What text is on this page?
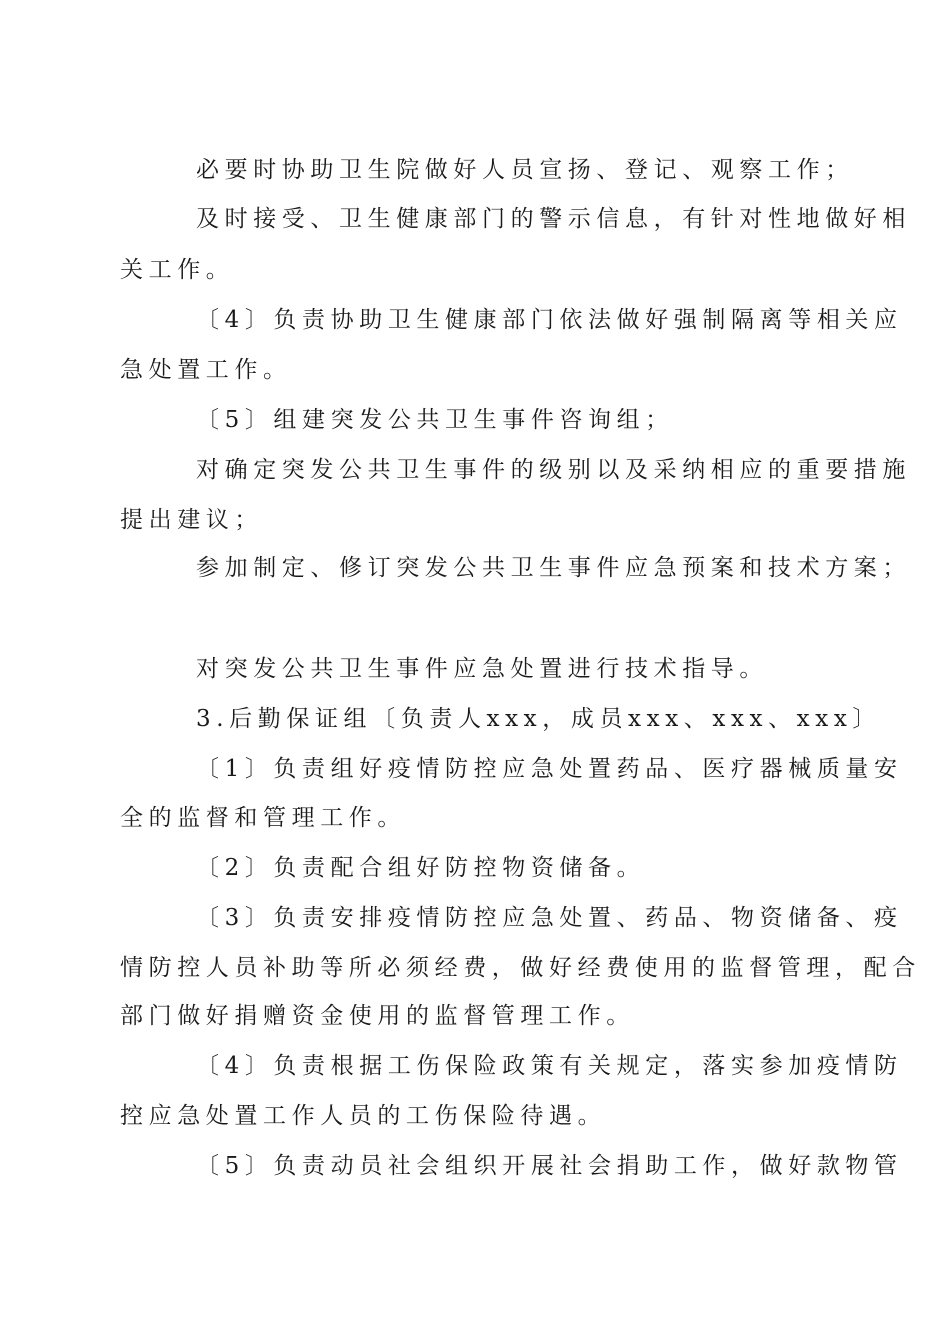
必要时协助卫生院做好人员宣扬、登记、观察工作；
及时接受、卫生健康部门的警示信息，有针对性地做好相
关工作。
〔4〕负责协助卫生健康部门依法做好强制隔离等相关应
急处置工作。
〔5〕组建突发公共卫生事件咨询组；
对确定突发公共卫生事件的级别以及采纳相应的重要措施
提出建议；
参加制定、修订突发公共卫生事件应急预案和技术方案；
对突发公共卫生事件应急处置进行技术指导。
3.后勤保证组〔负责人xxx，成员xxx、xxx、xxx〕
〔1〕负责组好疫情防控应急处置药品、医疗器械质量安
全的监督和管理工作。
〔2〕负责配合组好防控物资储备。
〔3〕负责安排疫情防控应急处置、药品、物资储备、疫
情防控人员补助等所必须经费，做好经费使用的监督管理，配合
部门做好捐赠资金使用的监督管理工作。
〔4〕负责根据工伤保险政策有关规定，落实参加疫情防
控应急处置工作人员的工伤保险待遇。
〔5〕负责动员社会组织开展社会捐助工作，做好款物管
